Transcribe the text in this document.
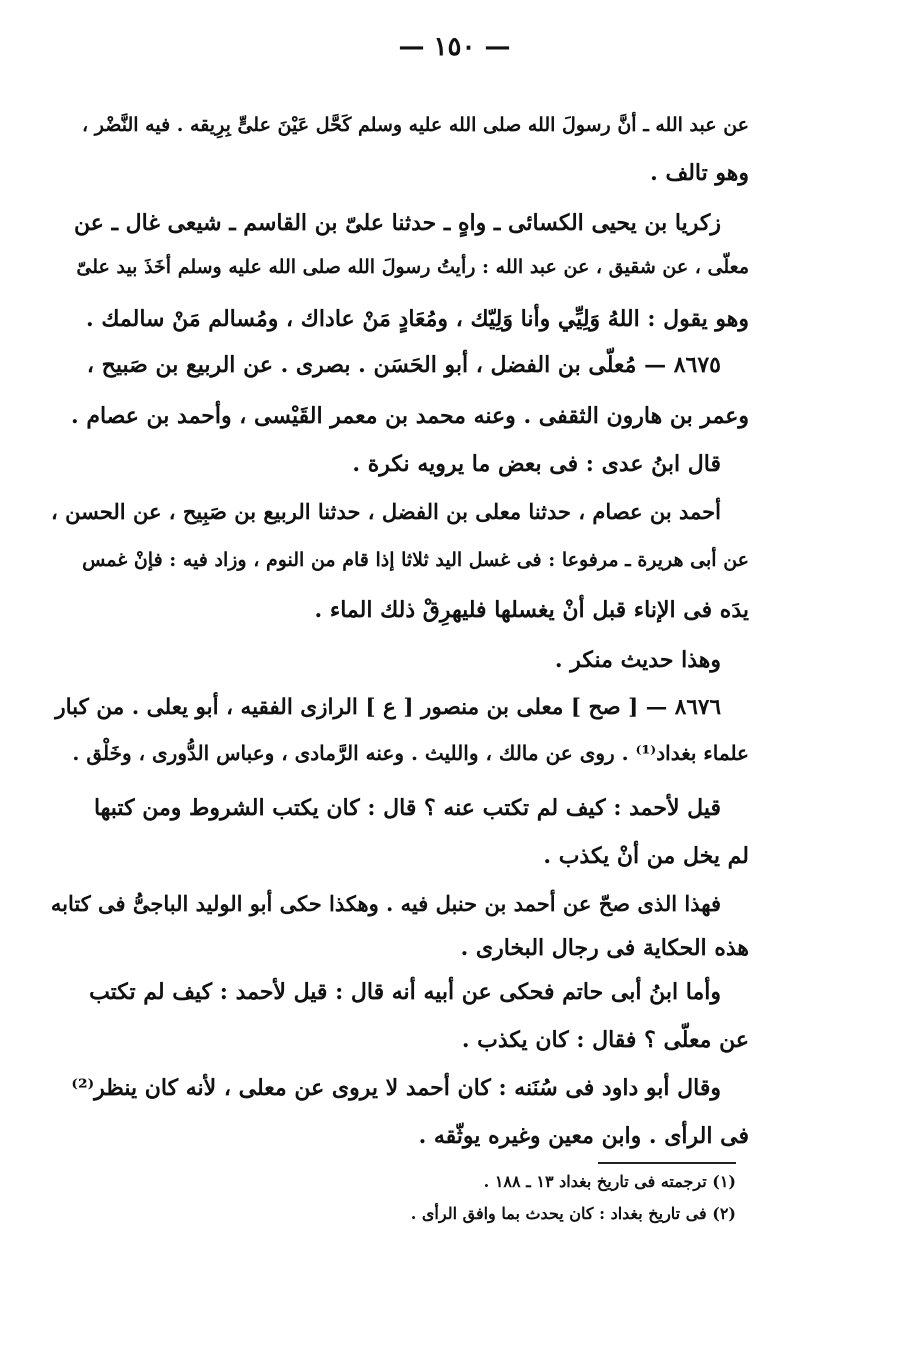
— ١٥٠ —
عن عبد الله ـ أنَّ رسولَ الله صلى الله عليه وسلم كَحَّل عَيْنَ علىٍّ بِرِيقه . فيه النَّضْر ،
وهو تالف .
زكريا بن يحيى الكسائى ـ واهٍ ـ حدثنا علىّ بن القاسم ـ شيعى غال ـ عن
معلّى ، عن شقيق ، عن عبد الله : رأيتُ رسولَ الله صلى الله عليه وسلم أخَذَ بيد علىّ
وهو يقول : اللهُ وَلِيِّي وأنا وَلِيّك ، ومُعَادٍ مَنْ عاداك ، ومُسالم مَنْ سالمك .
٨٦٧٥ — مُعلّى بن الفضل ، أبو الحَسَن . بصرى . عن الربيع بن صَبيح ،
وعمر بن هارون الثقفى . وعنه محمد بن معمر القَيْسى ، وأحمد بن عصام .
قال ابنُ عدى : فى بعض ما يرويه نكرة .
أحمد بن عصام ، حدثنا معلى بن الفضل ، حدثنا الربيع بن صَبِيح ، عن الحسن ،
عن أبى هريرة ـ مرفوعا : فى غسل اليد ثلاثا إذا قام من النوم ، وزاد فيه : فإنْ غمس
يدَه فى الإناء قبل أنْ يغسلها فليهرِقْ ذلك الماء .
وهذا حديث منكر .
٨٦٧٦ — [ صح ] معلى بن منصور [ ع ] الرازى الفقيه ، أبو يعلى . من كبار
علماء بغداد⁽¹⁾ . روى عن مالك ، والليث . وعنه الرَّمادى ، وعباس الدُّورى ، وخَلْق .
قيل لأحمد : كيف لم تكتب عنه ؟ قال : كان يكتب الشروط ومن كتبها
لم يخل من أنْ يكذب .
فهذا الذى صحّ عن أحمد بن حنبل فيه . وهكذا حكى أبو الوليد الباجىُّ فى كتابه
هذه الحكاية فى رجال البخارى .
وأما ابنُ أبى حاتم فحكى عن أبيه أنه قال : قيل لأحمد : كيف لم تكتب
عن معلّى ؟ فقال : كان يكذب .
وقال أبو داود فى سُنَنه : كان أحمد لا يروى عن معلى ، لأنه كان ينظر⁽²⁾
فى الرأى . وابن معين وغيره يوثّقه .
(١) ترجمته فى تاريخ بغداد ١٣ ـ ١٨٨ .
(٢) فى تاريخ بغداد : كان يحدث بما وافق الرأى .
